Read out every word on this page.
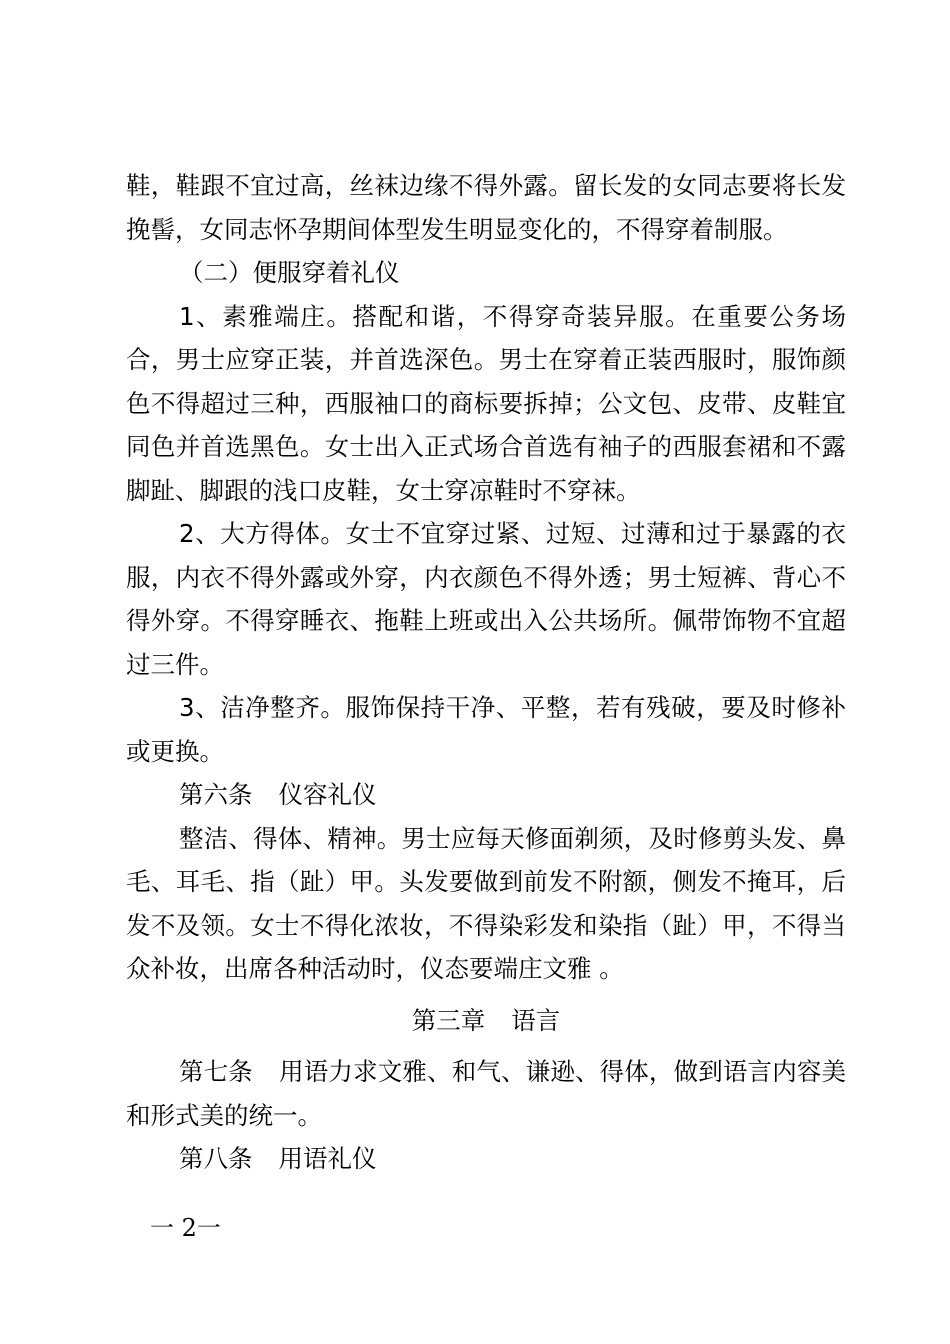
鞋，鞋跟不宜过高，丝袜边缘不得外露。留长发的女同志要将长发挽髻，女同志怀孕期间体型发生明显变化的，不得穿着制服。

（二）便服穿着礼仪

1、素雅端庄。搭配和谐，不得穿奇装异服。在重要公务场合，男士应穿正装，并首选深色。男士在穿着正装西服时，服饰颜色不得超过三种，西服袖口的商标要拆掉；公文包、皮带、皮鞋宜同色并首选黑色。女士出入正式场合首选有袖子的西服套裙和不露脚趾、脚跟的浅口皮鞋，女士穿凉鞋时不穿袜。

2、大方得体。女士不宜穿过紧、过短、过薄和过于暴露的衣服，内衣不得外露或外穿，内衣颜色不得外透；男士短裤、背心不得外穿。不得穿睡衣、拖鞋上班或出入公共场所。佩带饰物不宜超过三件。

3、洁净整齐。服饰保持干净、平整，若有残破，要及时修补或更换。

第六条 仪容礼仪

整洁、得体、精神。男士应每天修面剃须，及时修剪头发、鼻毛、耳毛、指（趾）甲。头发要做到前发不附额，侧发不掩耳，后发不及领。女士不得化浓妆，不得染彩发和染指（趾）甲，不得当众补妆，出席各种活动时，仪态要端庄文雅 。

第三章 语言

第七条 用语力求文雅、和气、谦逊、得体，做到语言内容美和形式美的统一。

第八条 用语礼仪

一 2一
